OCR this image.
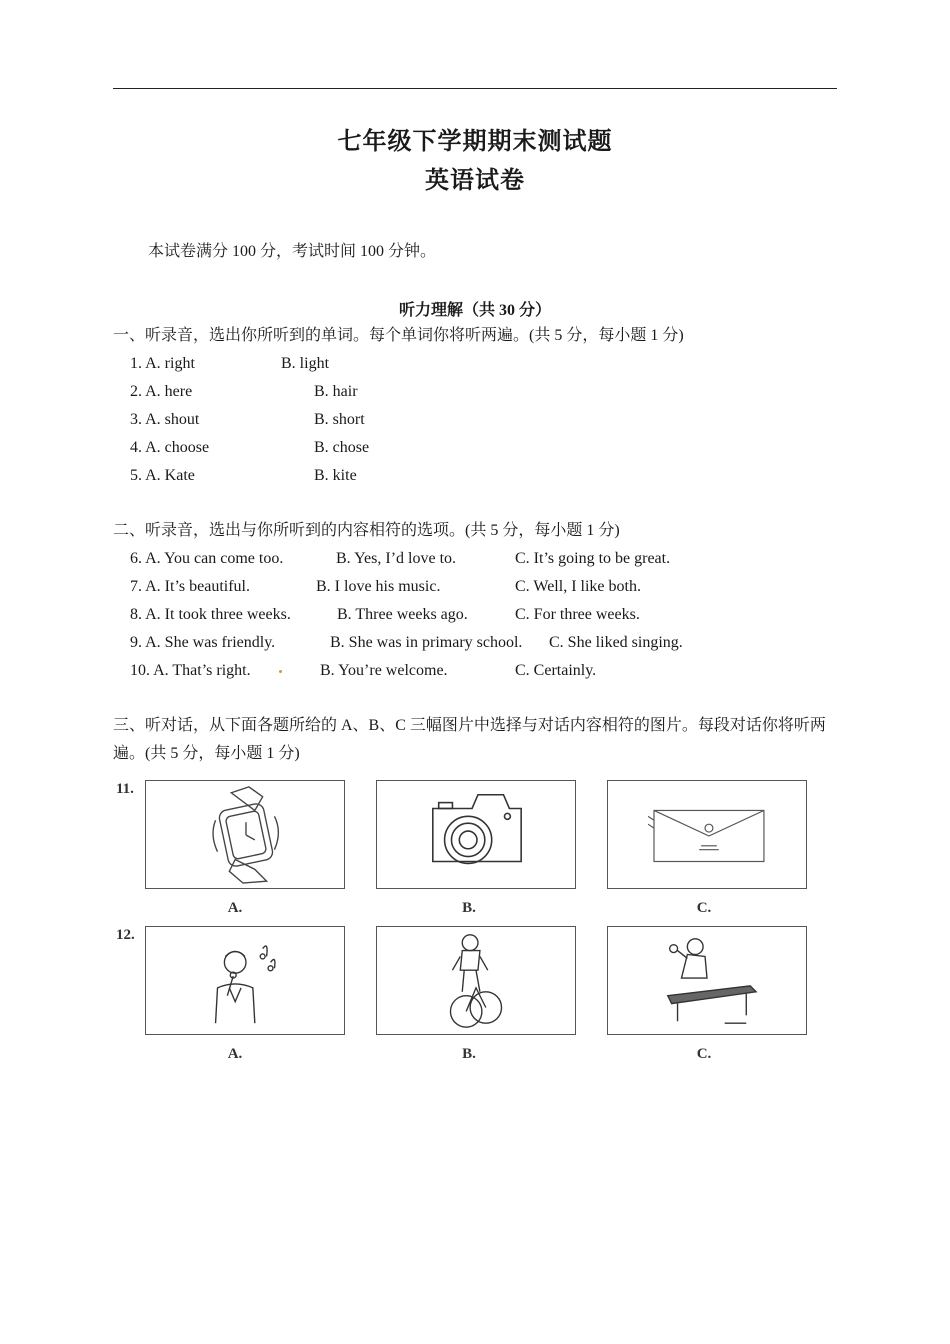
七年级下学期期末测试题
英语试卷
本试卷满分 100 分，考试时间 100 分钟。
听力理解（共 30 分）
一、听录音，选出你所听到的单词。每个单词你将听两遍。(共 5 分，每小题 1 分)
1. A. right	B. light
2. A. here	B. hair
3. A. shout	B. short
4. A. choose	B. chose
5. A. Kate	B. kite
二、听录音，选出与你所听到的内容相符的选项。(共 5 分，每小题 1 分)
6. A. You can come too.	B. Yes, I’d love to.	C. It’s going to be great.
7. A. It’s beautiful.	B. I love his music.	C. Well, I like both.
8. A. It took three weeks.	B. Three weeks ago.	C. For three weeks.
9. A. She was friendly.	B. She was in primary school. C. She liked singing.
10. A. That’s right.	B. You’re welcome.	C. Certainly.
三、听对话，从下面各题所给的 A、B、C 三幅图片中选择与对话内容相符的图片。每段对话你将听两
遍。(共 5 分，每小题 1 分)
11.
A.	B.	C.
12.
A.	B.	C.
